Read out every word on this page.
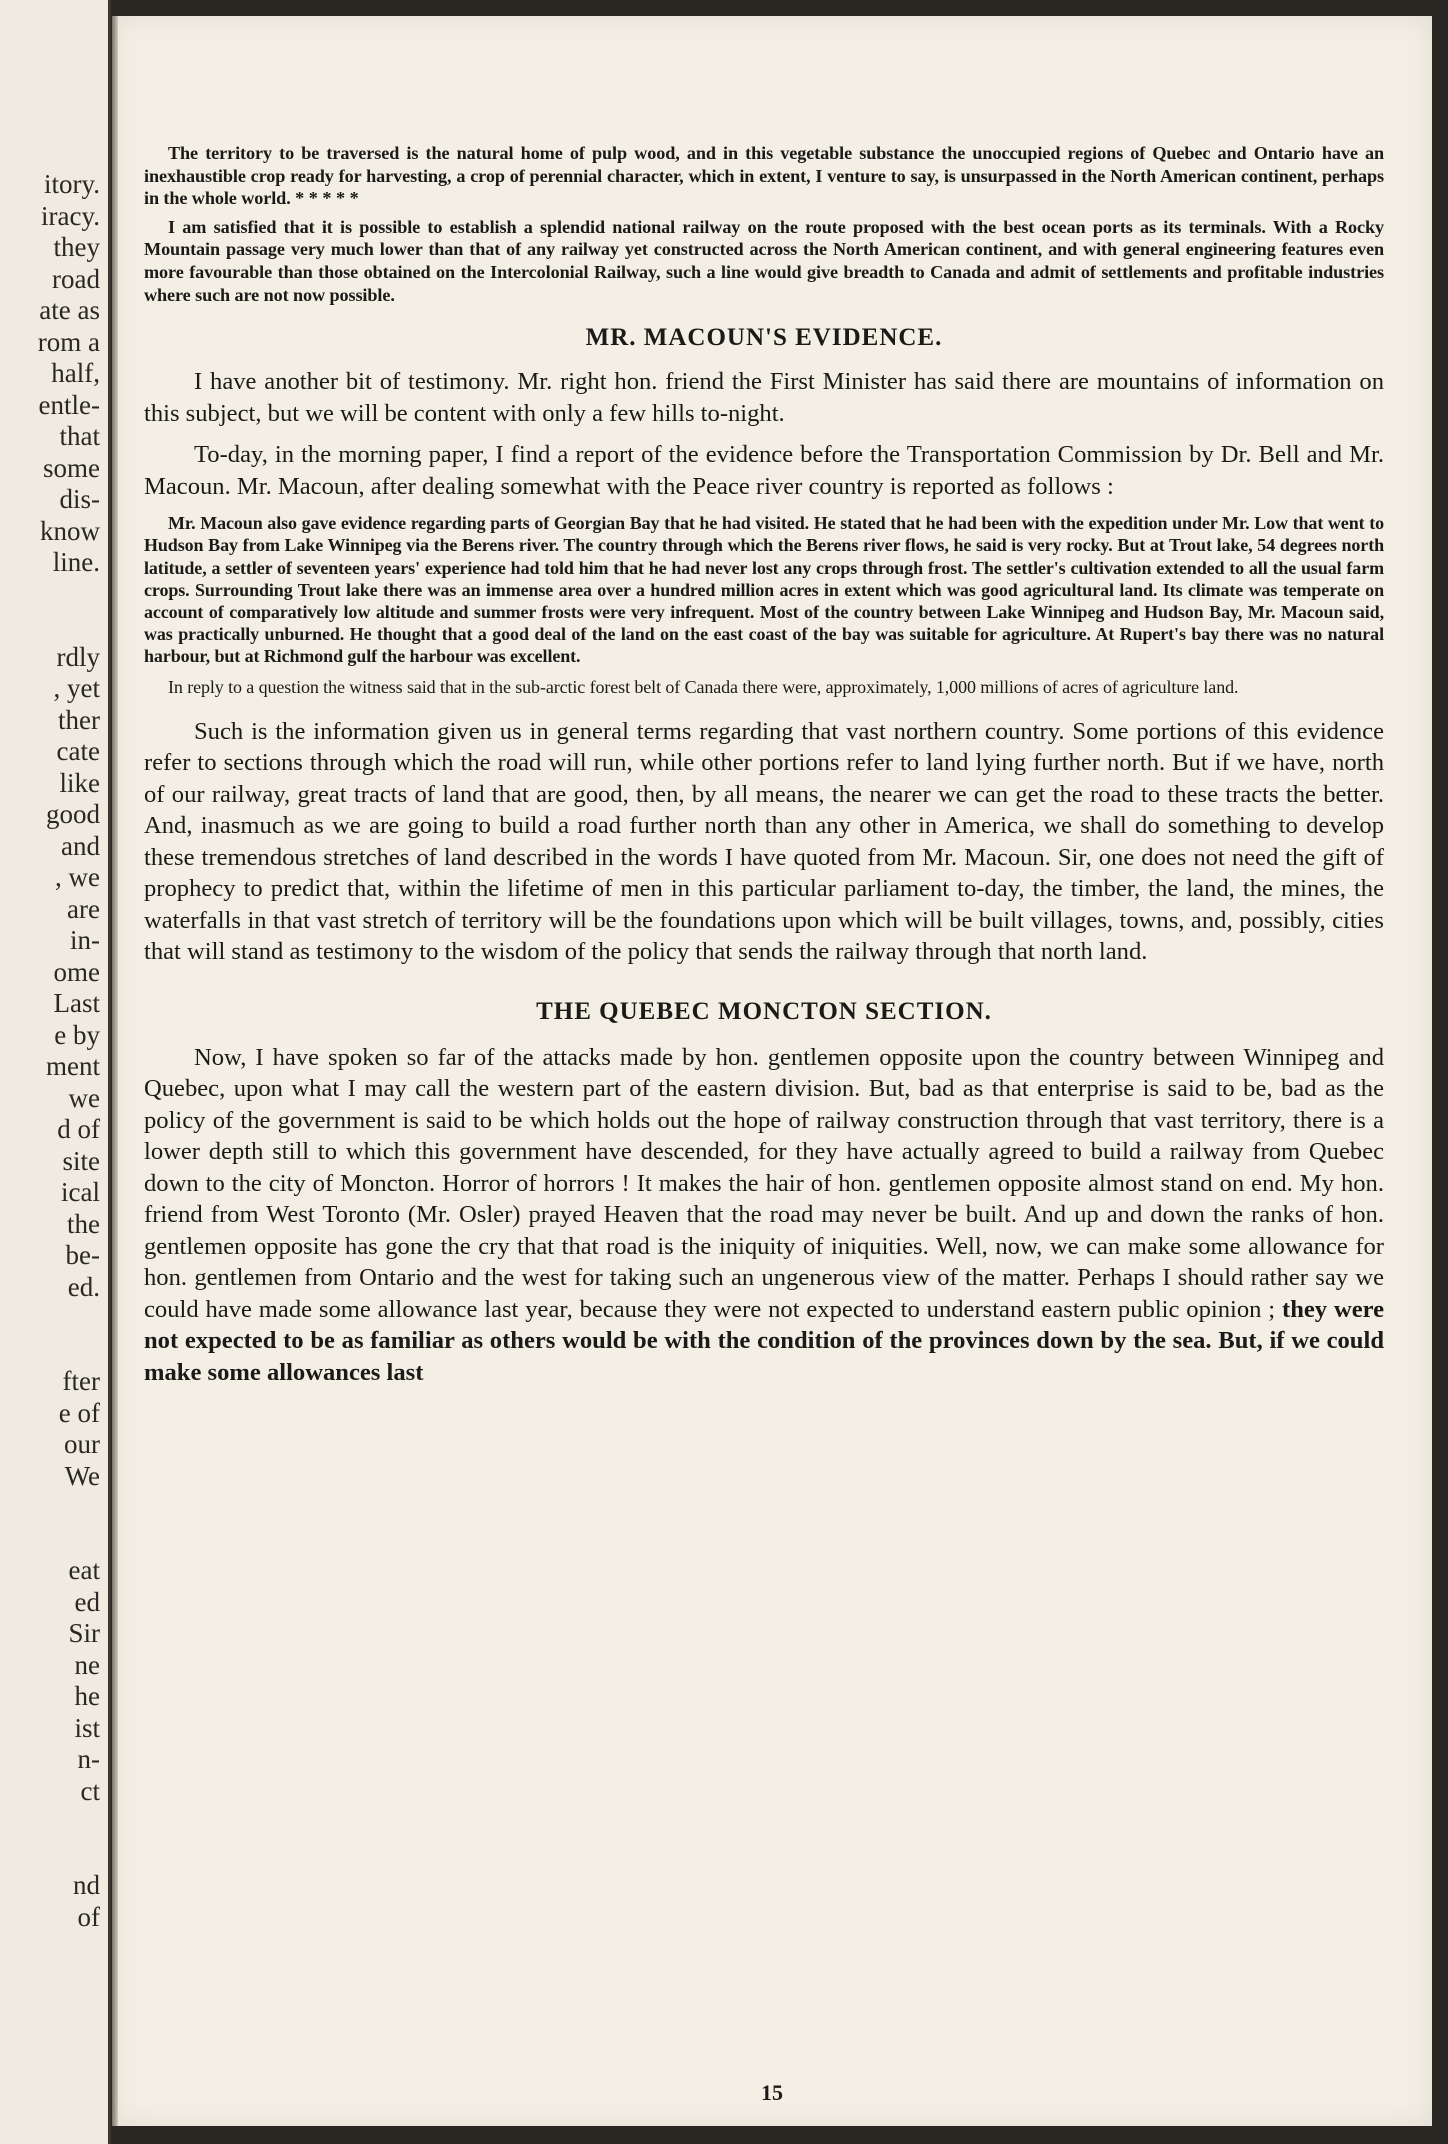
itory.
iracy.
they
road
ate as
rom a
half,
entle-
that
some
dis-
know
line.
rdly
, yet
ther
cate
like
good
and
, we
are
in-
ome
Last
e by
ment
we
d of
site
ical
the
be-
ed.
fter
e of
our
We
eat
ed
Sir
ne
he
ist
n-
ct
nd
of

The territory to be traversed is the natural home of pulp wood, and in this vegetable substance the unoccupied regions of Quebec and Ontario have an inexhaustible crop ready for harvesting, a crop of perennial character, which in extent, I venture to say, is unsurpassed in the North American continent, perhaps in the whole world. * * * * *

I am satisfied that it is possible to establish a splendid national railway on the route proposed with the best ocean ports as its terminals. With a Rocky Mountain passage very much lower than that of any railway yet constructed across the North American continent, and with general engineering features even more favourable than those obtained on the Intercolonial Railway, such a line would give breadth to Canada and admit of settlements and profitable industries where such are not now possible.

MR. MACOUN'S EVIDENCE.

I have another bit of testimony. Mr. right hon. friend the First Minister has said there are mountains of information on this subject, but we will be content with only a few hills to-night.

To-day, in the morning paper, I find a report of the evidence before the Transportation Commission by Dr. Bell and Mr. Macoun. Mr. Macoun, after dealing somewhat with the Peace river country is reported as follows :

Mr. Macoun also gave evidence regarding parts of Georgian Bay that he had visited. He stated that he had been with the expedition under Mr. Low that went to Hudson Bay from Lake Winnipeg via the Berens river. The country through which the Berens river flows, he said is very rocky. But at Trout lake, 54 degrees north latitude, a settler of seventeen years' experience had told him that he had never lost any crops through frost. The settler's cultivation extended to all the usual farm crops. Surrounding Trout lake there was an immense area over a hundred million acres in extent which was good agricultural land. Its climate was temperate on account of comparatively low altitude and summer frosts were very infrequent. Most of the country between Lake Winnipeg and Hudson Bay, Mr. Macoun said, was practically unburned. He thought that a good deal of the land on the east coast of the bay was suitable for agriculture. At Rupert's bay there was no natural harbour, but at Richmond gulf the harbour was excellent.

In reply to a question the witness said that in the sub-arctic forest belt of Canada there were, approximately, 1,000 millions of acres of agriculture land.

Such is the information given us in general terms regarding that vast northern country. Some portions of this evidence refer to sections through which the road will run, while other portions refer to land lying further north. But if we have, north of our railway, great tracts of land that are good, then, by all means, the nearer we can get the road to these tracts the better. And, inasmuch as we are going to build a road further north than any other in America, we shall do something to develop these tremendous stretches of land described in the words I have quoted from Mr. Macoun. Sir, one does not need the gift of prophecy to predict that, within the lifetime of men in this particular parliament to-day, the timber, the land, the mines, the waterfalls in that vast stretch of territory will be the foundations upon which will be built villages, towns, and, possibly, cities that will stand as testimony to the wisdom of the policy that sends the railway through that north land.

THE QUEBEC MONCTON SECTION.

Now, I have spoken so far of the attacks made by hon. gentlemen opposite upon the country between Winnipeg and Quebec, upon what I may call the western part of the eastern division. But, bad as that enterprise is said to be, bad as the policy of the government is said to be which holds out the hope of railway construction through that vast territory, there is a lower depth still to which this government have descended, for they have actually agreed to build a railway from Quebec down to the city of Moncton. Horror of horrors ! It makes the hair of hon. gentlemen opposite almost stand on end. My hon. friend from West Toronto (Mr. Osler) prayed Heaven that the road may never be built. And up and down the ranks of hon. gentlemen opposite has gone the cry that that road is the iniquity of iniquities. Well, now, we can make some allowance for hon. gentlemen from Ontario and the west for taking such an ungenerous view of the matter. Perhaps I should rather say we could have made some allowance last year, because they were not expected to understand eastern public opinion ; they were not expected to be as familiar as others would be with the condition of the provinces down by the sea. But, if we could make some allowances last

15
